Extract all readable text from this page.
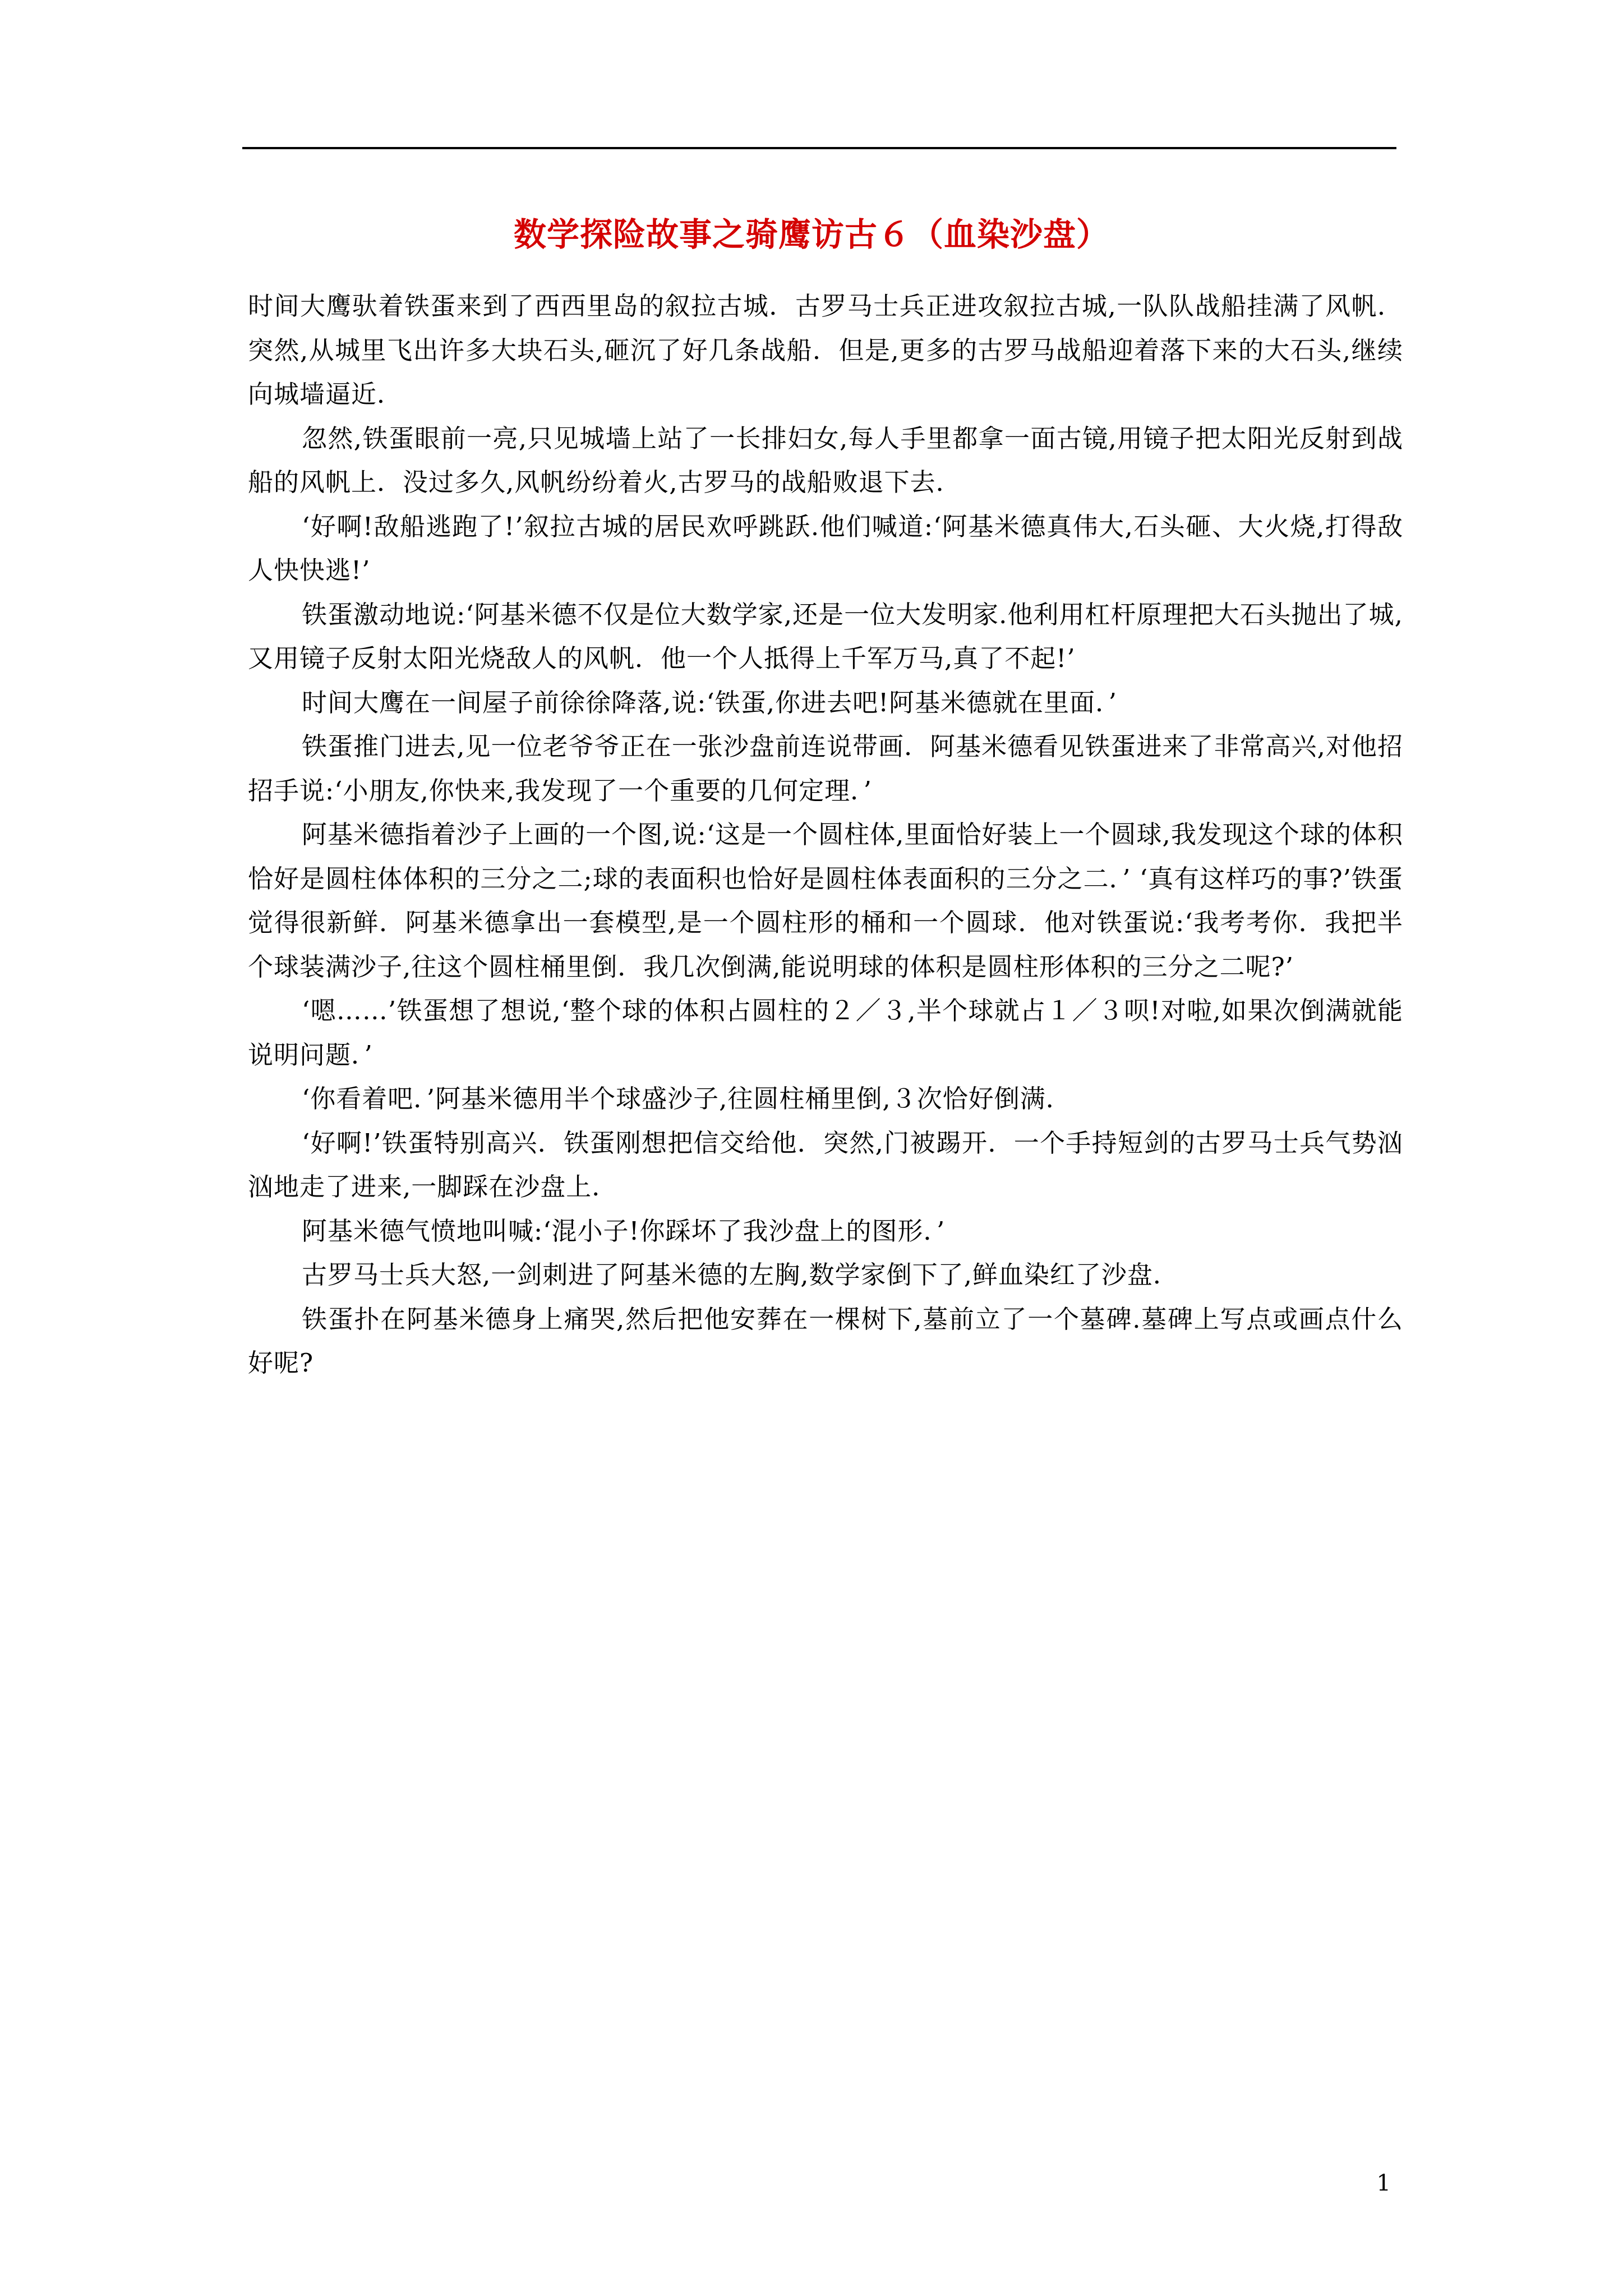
数学探险故事之骑鹰访古６（血染沙盘）

时间大鹰驮着铁蛋来到了西西里岛的叙拉古城．古罗马士兵正进攻叙拉古城,一队队战船挂满了风帆．突然,从城里飞出许多大块石头,砸沉了好几条战船．但是,更多的古罗马战船迎着落下来的大石头,继续向城墙逼近．

忽然,铁蛋眼前一亮,只见城墙上站了一长排妇女,每人手里都拿一面古镜,用镜子把太阳光反射到战船的风帆上．没过多久,风帆纷纷着火,古罗马的战船败退下去．

‘好啊!敌船逃跑了!’叙拉古城的居民欢呼跳跃.他们喊道:‘阿基米德真伟大,石头砸、大火烧,打得敌人快快逃!’

铁蛋激动地说:‘阿基米德不仅是位大数学家,还是一位大发明家.他利用杠杆原理把大石头抛出了城,又用镜子反射太阳光烧敌人的风帆．他一个人抵得上千军万马,真了不起!’

时间大鹰在一间屋子前徐徐降落,说:‘铁蛋,你进去吧!阿基米德就在里面．’

铁蛋推门进去,见一位老爷爷正在一张沙盘前连说带画．阿基米德看见铁蛋进来了非常高兴,对他招招手说:‘小朋友,你快来,我发现了一个重要的几何定理．’

阿基米德指着沙子上画的一个图,说:‘这是一个圆柱体,里面恰好装上一个圆球,我发现这个球的体积恰好是圆柱体体积的三分之二;球的表面积也恰好是圆柱体表面积的三分之二．’ ‘真有这样巧的事?’铁蛋觉得很新鲜．阿基米德拿出一套模型,是一个圆柱形的桶和一个圆球．他对铁蛋说:‘我考考你．我把半个球装满沙子,往这个圆柱桶里倒．我几次倒满,能说明球的体积是圆柱形体积的三分之二呢?’

‘嗯……’铁蛋想了想说,‘整个球的体积占圆柱的２／３,半个球就占１／３呗!对啦,如果次倒满就能说明问题．’

‘你看着吧．’阿基米德用半个球盛沙子,往圆柱桶里倒,３次恰好倒满．

‘好啊!’铁蛋特别高兴．铁蛋刚想把信交给他．突然,门被踢开．一个手持短剑的古罗马士兵气势汹汹地走了进来,一脚踩在沙盘上．

阿基米德气愤地叫喊:‘混小子!你踩坏了我沙盘上的图形．’

古罗马士兵大怒,一剑刺进了阿基米德的左胸,数学家倒下了,鲜血染红了沙盘．

铁蛋扑在阿基米德身上痛哭,然后把他安葬在一棵树下,墓前立了一个墓碑.墓碑上写点或画点什么好呢?

1
